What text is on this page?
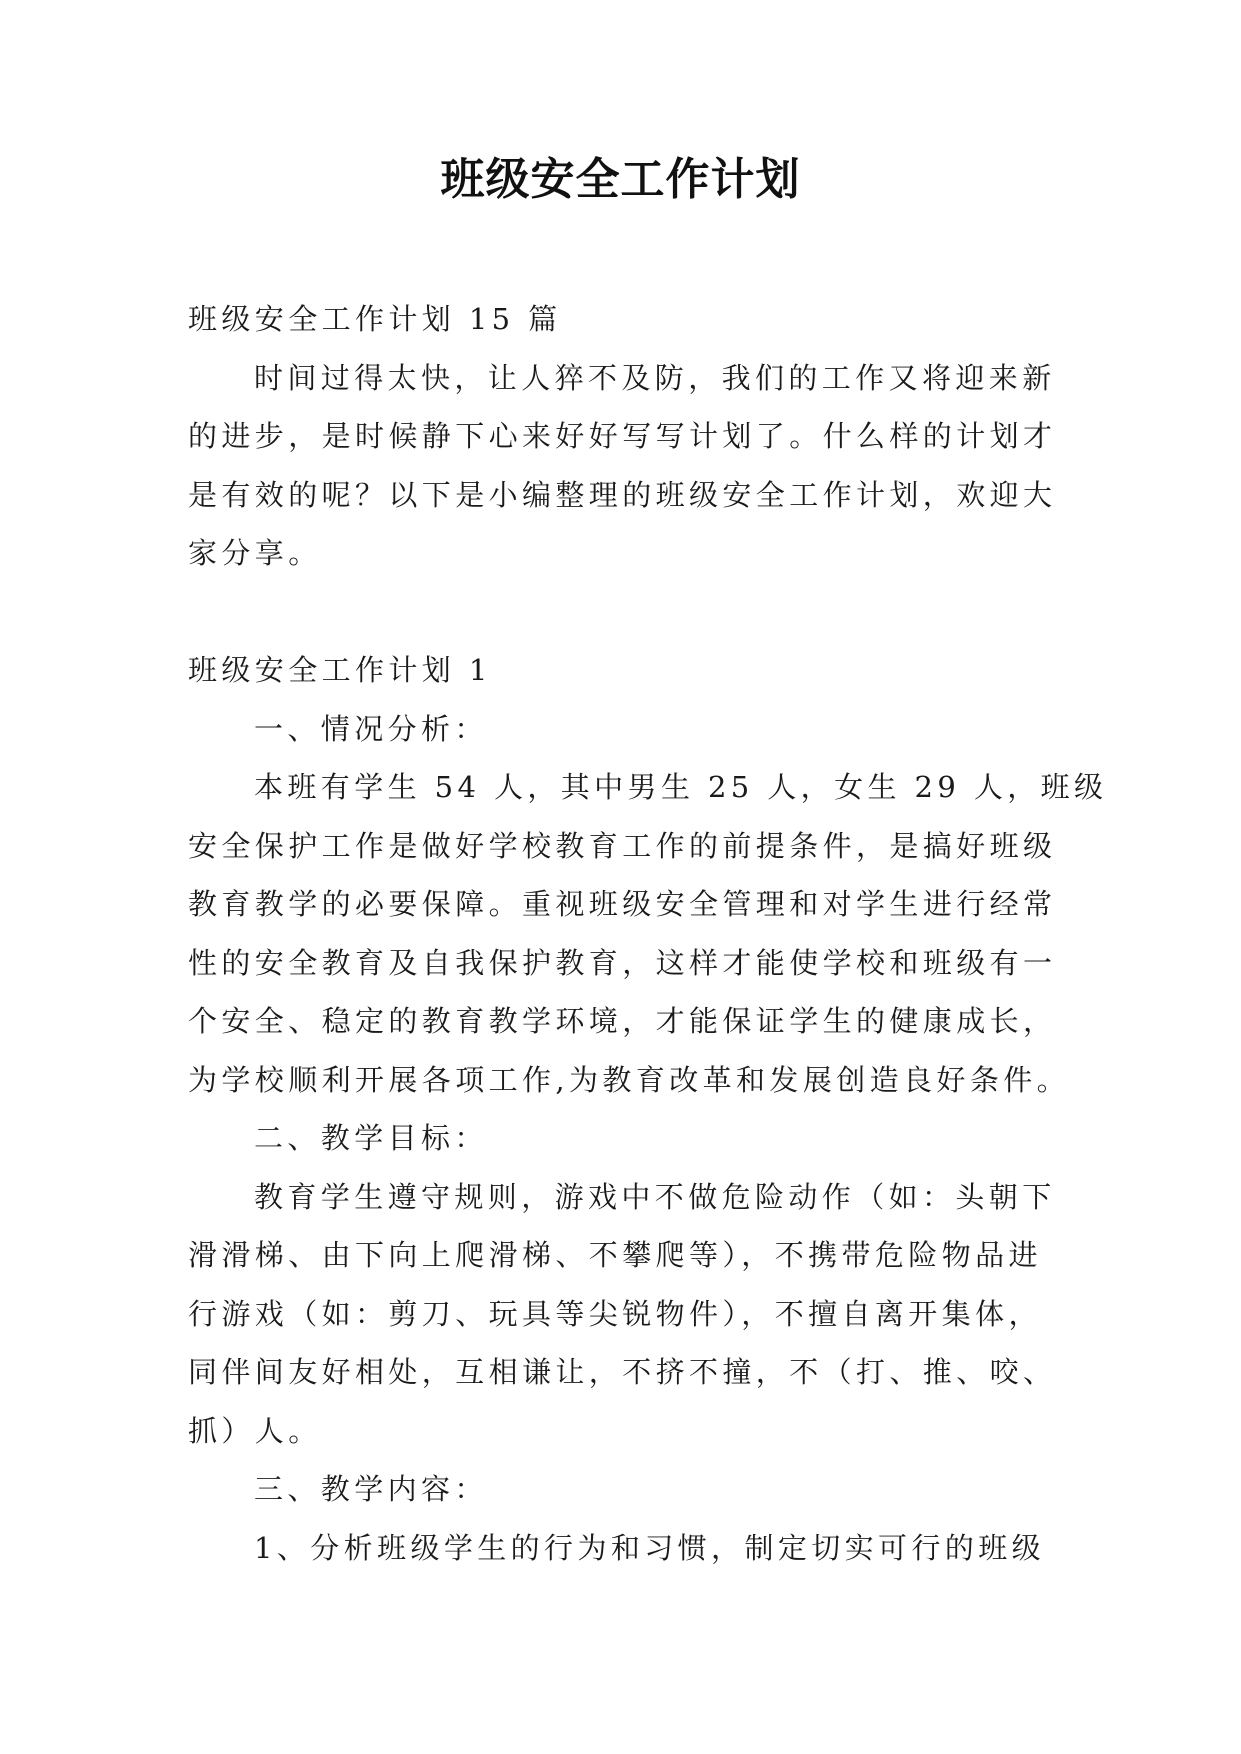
班级安全工作计划
班级安全工作计划 15 篇
时间过得太快，让人猝不及防，我们的工作又将迎来新
的进步，是时候静下心来好好写写计划了。什么样的计划才
是有效的呢？以下是小编整理的班级安全工作计划，欢迎大
家分享。
班级安全工作计划 1
一、情况分析：
本班有学生 54 人，其中男生 25 人，女生 29 人，班级
安全保护工作是做好学校教育工作的前提条件，是搞好班级
教育教学的必要保障。重视班级安全管理和对学生进行经常
性的安全教育及自我保护教育，这样才能使学校和班级有一
个安全、稳定的教育教学环境，才能保证学生的健康成长，
为学校顺利开展各项工作,为教育改革和发展创造良好条件。
二、教学目标：
教育学生遵守规则，游戏中不做危险动作（如：头朝下
滑滑梯、由下向上爬滑梯、不攀爬等），不携带危险物品进
行游戏（如：剪刀、玩具等尖锐物件），不擅自离开集体，
同伴间友好相处，互相谦让，不挤不撞，不（打、推、咬、
抓）人。
三、教学内容：
1、分析班级学生的行为和习惯，制定切实可行的班级
